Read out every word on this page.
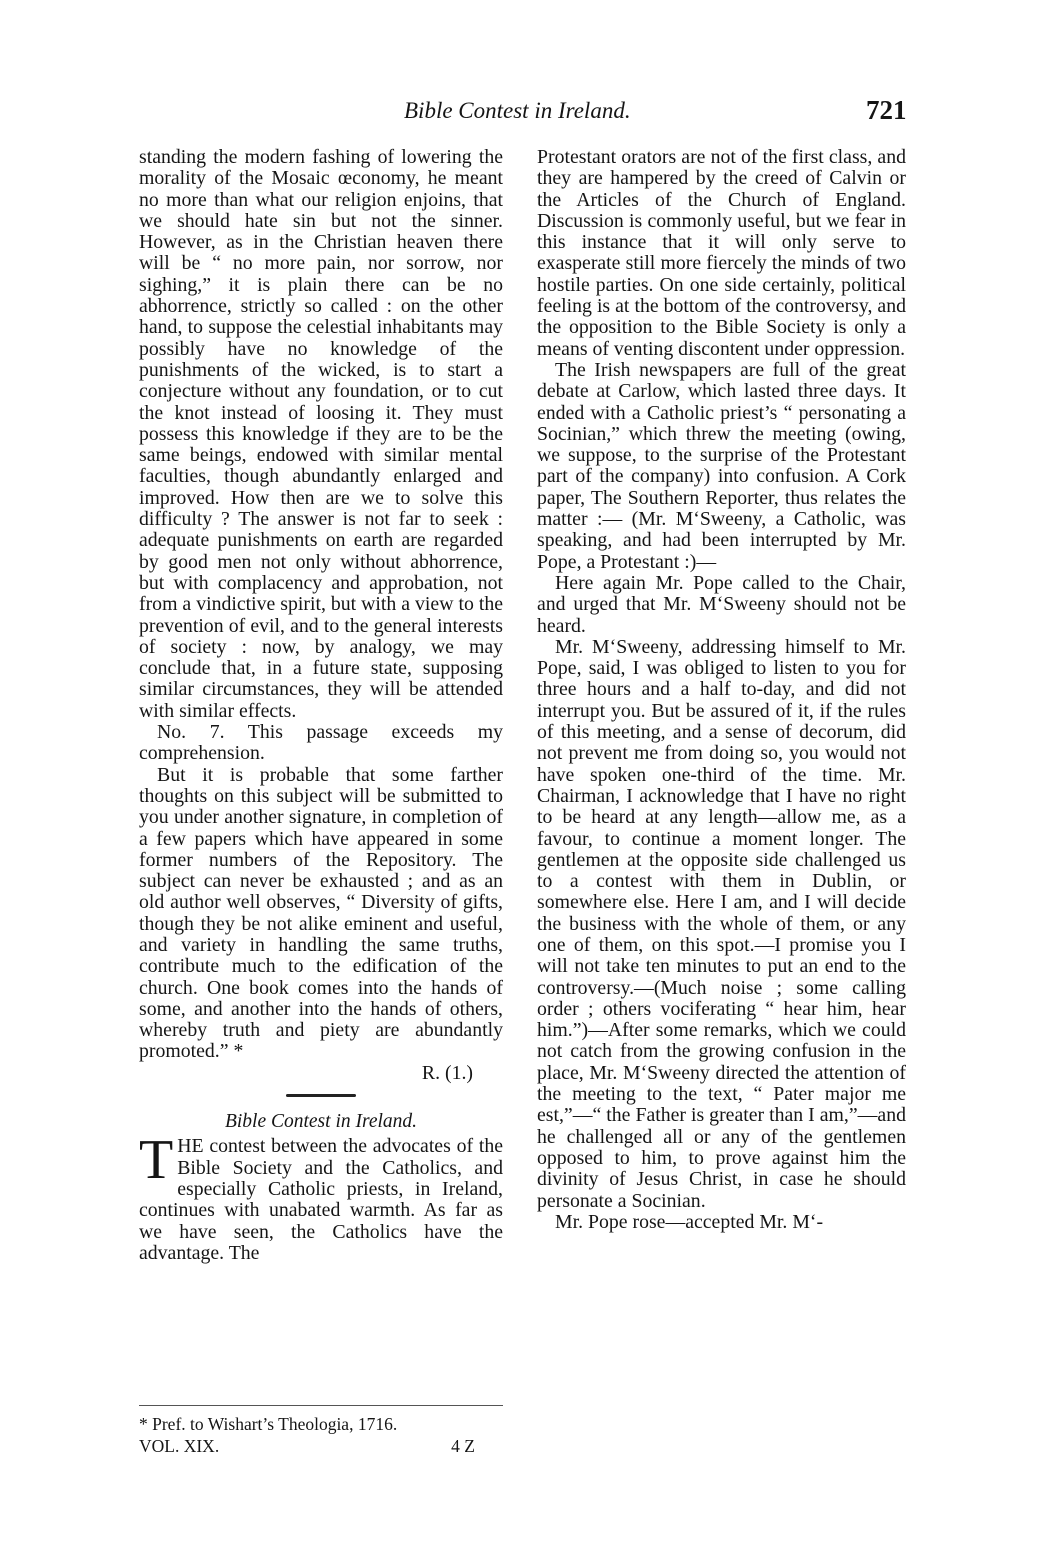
Bible Contest in Ireland.	721

standing the modern fashing of lowering the morality of the Mosaic œconomy, he meant no more than what our religion enjoins, that we should hate sin but not the sinner. However, as in the Christian heaven there will be “ no more pain, nor sorrow, nor sighing,” it is plain there can be no abhorrence, strictly so called : on the other hand, to suppose the celestial inhabitants may possibly have no knowledge of the punishments of the wicked, is to start a conjecture without any foundation, or to cut the knot instead of loosing it. They must possess this knowledge if they are to be the same beings, endowed with similar mental faculties, though abundantly enlarged and improved. How then are we to solve this difficulty ? The answer is not far to seek : adequate punishments on earth are regarded by good men not only without abhorrence, but with complacency and approbation, not from a vindictive spirit, but with a view to the prevention of evil, and to the general interests of society : now, by analogy, we may conclude that, in a future state, supposing similar circumstances, they will be attended with similar effects.

No. 7. This passage exceeds my comprehension.

But it is probable that some farther thoughts on this subject will be submitted to you under another signature, in completion of a few papers which have appeared in some former numbers of the Repository. The subject can never be exhausted ; and as an old author well observes, “ Diversity of gifts, though they be not alike eminent and useful, and variety in handling the same truths, contribute much to the edification of the church. One book comes into the hands of some, and another into the hands of others, whereby truth and piety are abundantly promoted.” *

R. (1.)
Bible Contest in Ireland.

THE contest between the advocates of the Bible Society and the Catholics, and especially Catholic priests, in Ireland, continues with unabated warmth. As far as we have seen, the Catholics have the advantage. The

Protestant orators are not of the first class, and they are hampered by the creed of Calvin or the Articles of the Church of England. Discussion is commonly useful, but we fear in this instance that it will only serve to exasperate still more fiercely the minds of two hostile parties. On one side certainly, political feeling is at the bottom of the controversy, and the opposition to the Bible Society is only a means of venting discontent under oppression.

The Irish newspapers are full of the great debate at Carlow, which lasted three days. It ended with a Catholic priest’s “ personating a Socinian,” which threw the meeting (owing, we suppose, to the surprise of the Protestant part of the company) into confusion. A Cork paper, The Southern Reporter, thus relates the matter :— (Mr. M‘Sweeny, a Catholic, was speaking, and had been interrupted by Mr. Pope, a Protestant :)—

Here again Mr. Pope called to the Chair, and urged that Mr. M‘Sweeny should not be heard.

Mr. M‘Sweeny, addressing himself to Mr. Pope, said, I was obliged to listen to you for three hours and a half to-day, and did not interrupt you. But be assured of it, if the rules of this meeting, and a sense of decorum, did not prevent me from doing so, you would not have spoken one-third of the time. Mr. Chairman, I acknowledge that I have no right to be heard at any length—allow me, as a favour, to continue a moment longer. The gentlemen at the opposite side challenged us to a contest with them in Dublin, or somewhere else. Here I am, and I will decide the business with the whole of them, or any one of them, on this spot.—I promise you I will not take ten minutes to put an end to the controversy.—(Much noise ; some calling order ; others vociferating “ hear him, hear him.”)—After some remarks, which we could not catch from the growing confusion in the place, Mr. M‘Sweeny directed the attention of the meeting to the text, “ Pater major me est,”—“ the Father is greater than I am,”—and he challenged all or any of the gentlemen opposed to him, to prove against him the divinity of Jesus Christ, in case he should personate a Socinian.

Mr. Pope rose—accepted Mr. M‘-

* Pref. to Wishart’s Theologia, 1716.
VOL. XIX.	4 Z
